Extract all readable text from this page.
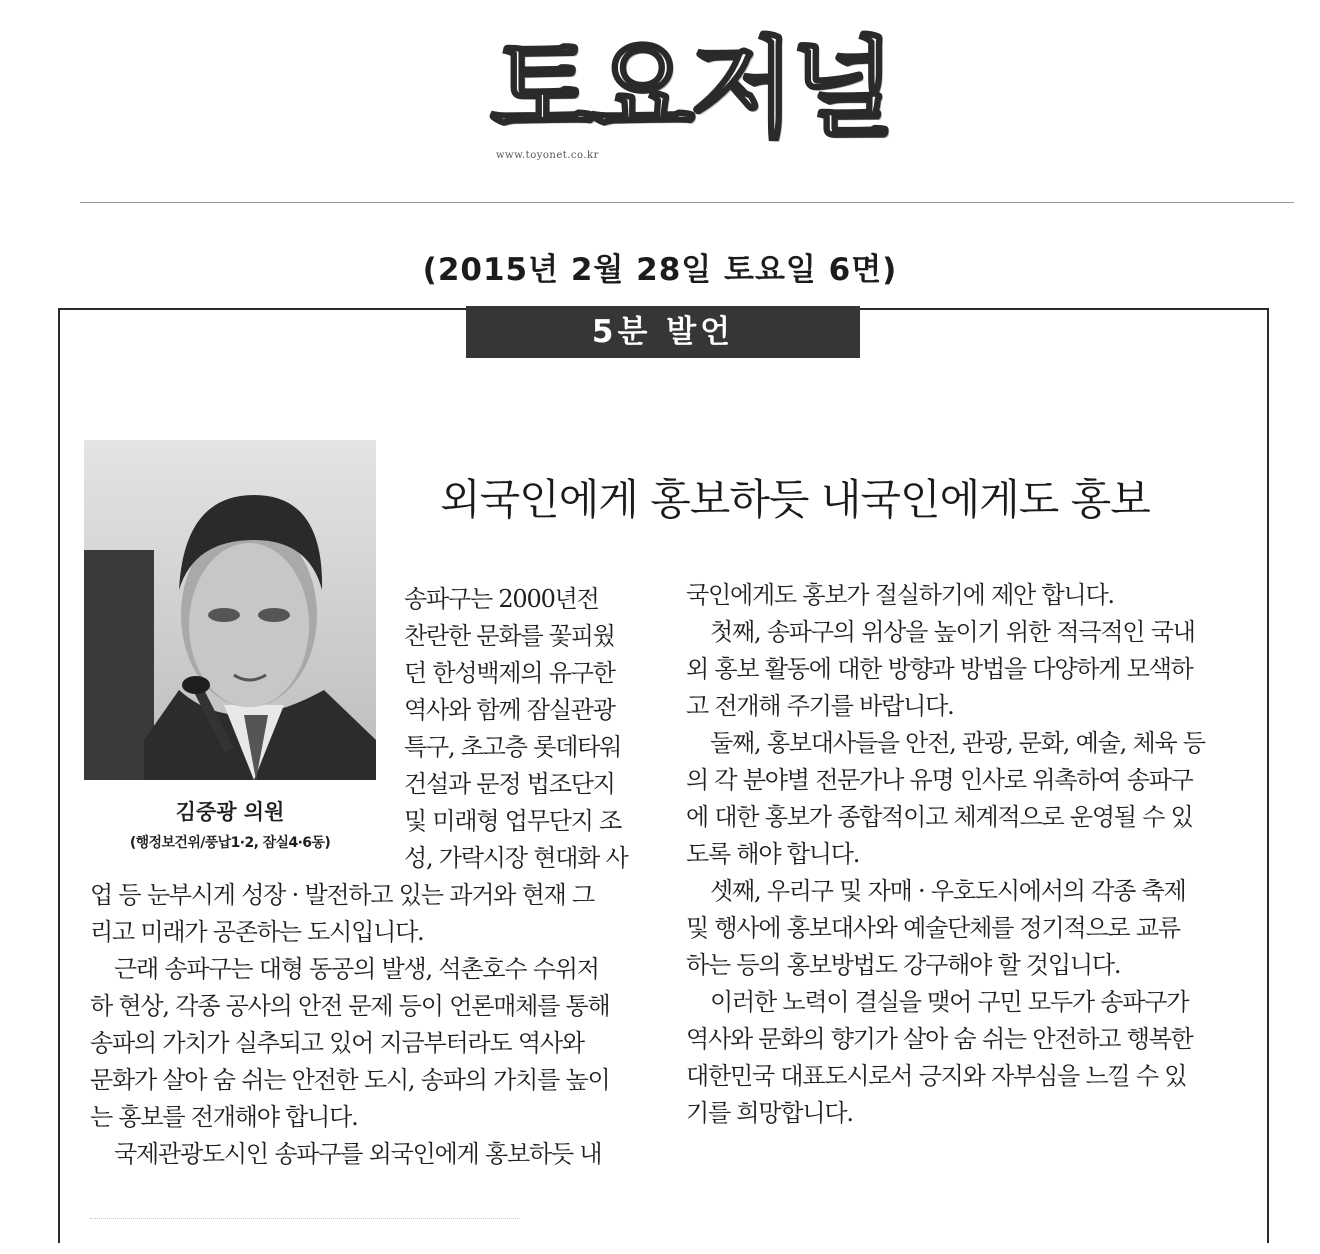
토요저널
www.toyonet.co.kr
(2015년 2월 28일 토요일 6면)
5분 발언
김중광 의원
(행정보건위/풍납1·2, 잠실4·6동)
외국인에게 홍보하듯 내국인에게도 홍보
송파구는 2000년전
찬란한 문화를 꽃피웠
던 한성백제의 유구한
역사와 함께 잠실관광
특구, 초고층 롯데타워
건설과 문정 법조단지
및 미래형 업무단지 조
성, 가락시장 현대화 사
업 등 눈부시게 성장 · 발전하고 있는 과거와 현재 그
리고 미래가 공존하는 도시입니다.
근래 송파구는 대형 동공의 발생, 석촌호수 수위저
하 현상, 각종 공사의 안전 문제 등이 언론매체를 통해
송파의 가치가 실추되고 있어 지금부터라도 역사와
문화가 살아 숨 쉬는 안전한 도시, 송파의 가치를 높이
는 홍보를 전개해야 합니다.
국제관광도시인 송파구를 외국인에게 홍보하듯 내
국인에게도 홍보가 절실하기에 제안 합니다.
첫째, 송파구의 위상을 높이기 위한 적극적인 국내
외 홍보 활동에 대한 방향과 방법을 다양하게 모색하
고 전개해 주기를 바랍니다.
둘째, 홍보대사들을 안전, 관광, 문화, 예술, 체육 등
의 각 분야별 전문가나 유명 인사로 위촉하여 송파구
에 대한 홍보가 종합적이고 체계적으로 운영될 수 있
도록 해야 합니다.
셋째, 우리구 및 자매 · 우호도시에서의 각종 축제
및 행사에 홍보대사와 예술단체를 정기적으로 교류
하는 등의 홍보방법도 강구해야 할 것입니다.
이러한 노력이 결실을 맺어 구민 모두가 송파구가
역사와 문화의 향기가 살아 숨 쉬는 안전하고 행복한
대한민국 대표도시로서 긍지와 자부심을 느낄 수 있
기를 희망합니다.
